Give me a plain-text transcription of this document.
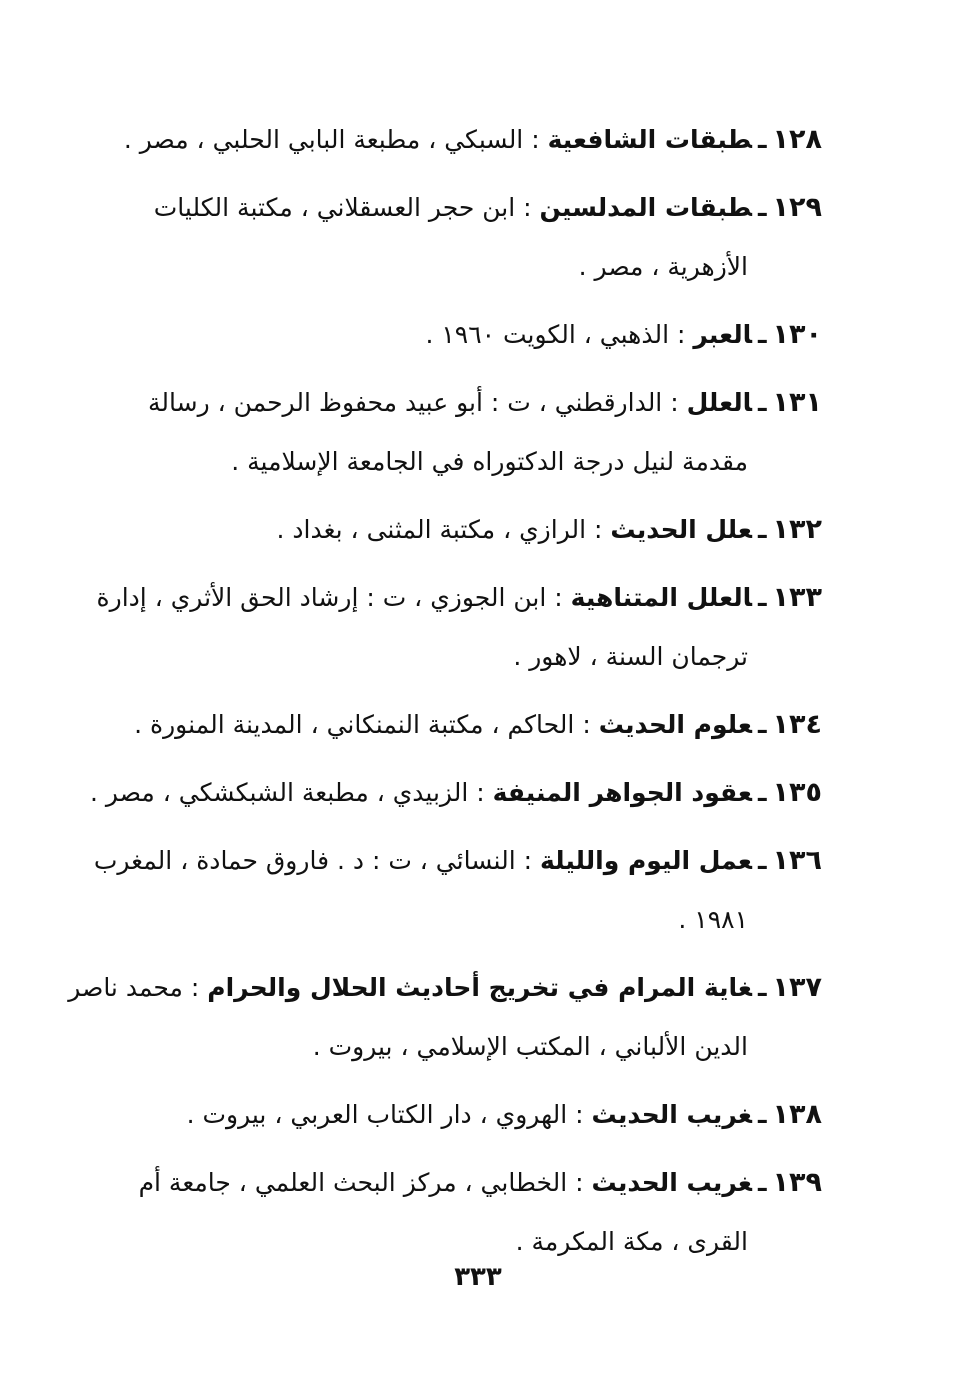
١٢٨ـطبقات الشافعية : السبكي ، مطبعة البابي الحلبي ، مصر .
١٢٩ـطبقات المدلسين : ابن حجر العسقلاني ، مكتبة الكليات
الأزهرية ، مصر .
١٣٠ـالعبر : الذهبي ، الكويت ١٩٦٠ .
١٣١ـالعلل : الدارقطني ، ت : أبو عبيد محفوظ الرحمن ، رسالة
مقدمة لنيل درجة الدكتوراه في الجامعة الإسلامية .
١٣٢ـعلل الحديث : الرازي ، مكتبة المثنى ، بغداد .
١٣٣ـالعلل المتناهية : ابن الجوزي ، ت : إرشاد الحق الأثري ، إدارة
ترجمان السنة ، لاهور .
١٣٤ـعلوم الحديث : الحاكم ، مكتبة النمنكاني ، المدينة المنورة .
١٣٥ـعقود الجواهر المنيفة : الزبيدي ، مطبعة الشبكشكي ، مصر .
١٣٦ـعمل اليوم والليلة : النسائي ، ت : د . فاروق حمادة ، المغرب
١٩٨١ .
١٣٧ـغاية المرام في تخريج أحاديث الحلال والحرام : محمد ناصر
الدين الألباني ، المكتب الإسلامي ، بيروت .
١٣٨ـغريب الحديث : الهروي ، دار الكتاب العربي ، بيروت .
١٣٩ـغريب الحديث : الخطابي ، مركز البحث العلمي ، جامعة أم
القرى ، مكة المكرمة .
٣٣٣
